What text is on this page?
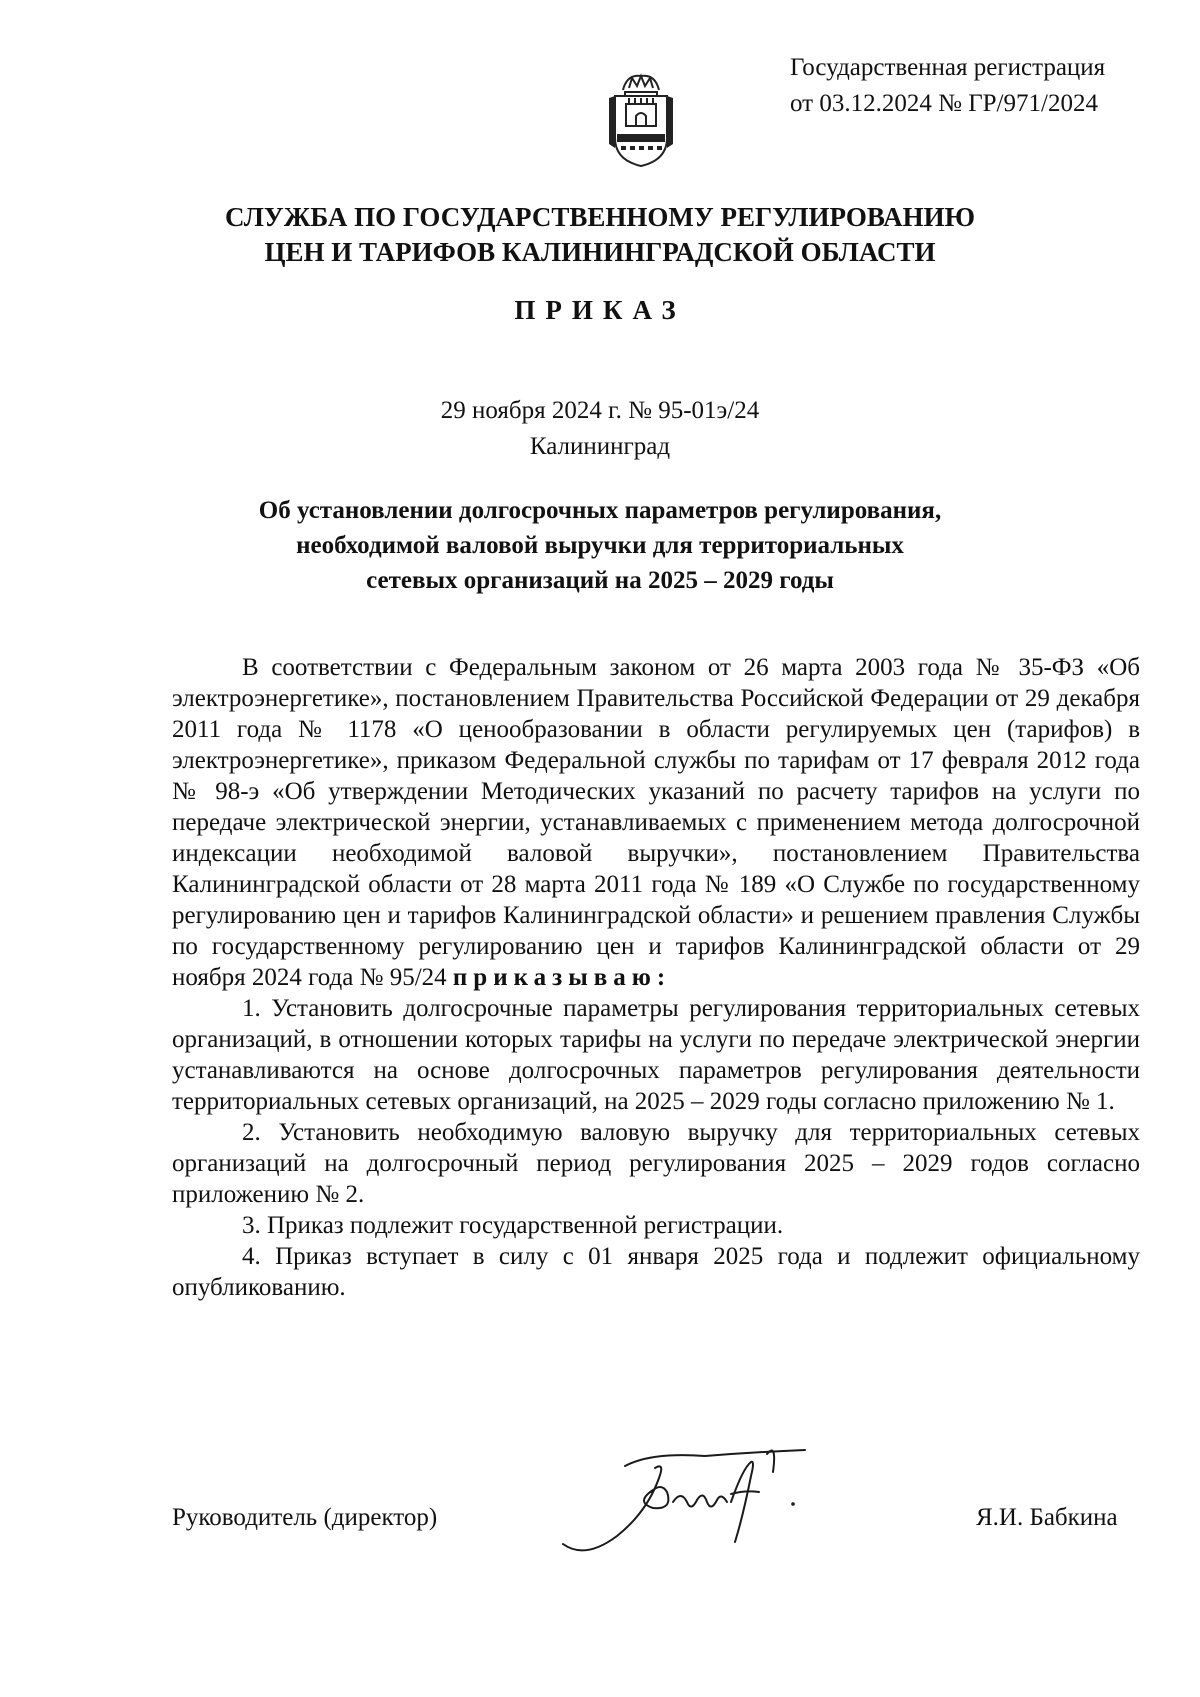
Государственная регистрация
от 03.12.2024 № ГР/971/2024
СЛУЖБА ПО ГОСУДАРСТВЕННОМУ РЕГУЛИРОВАНИЮ
ЦЕН И ТАРИФОВ КАЛИНИНГРАДСКОЙ ОБЛАСТИ
ПРИКАЗ
29 ноября 2024 г. № 95-01э/24
Калининград
Об установлении долгосрочных параметров регулирования,
необходимой валовой выручки для территориальных
сетевых организаций на 2025 – 2029 годы

В соответствии с Федеральным законом от 26 марта 2003 года № 35-ФЗ «Об электроэнергетике», постановлением Правительства Российской Федерации от 29 декабря 2011 года № 1178 «О ценообразовании в области регулируемых цен (тарифов) в электроэнергетике», приказом Федеральной службы по тарифам от 17 февраля 2012 года № 98-э «Об утверждении Методических указаний по расчету тарифов на услуги по передаче электрической энергии, устанавливаемых с применением метода долгосрочной индексации необходимой валовой выручки», постановлением Правительства Калининградской области от 28 марта 2011 года № 189 «О Службе по государственному регулированию цен и тарифов Калининградской области» и решением правления Службы по государственному регулированию цен и тарифов Калининградской области от 29 ноября 2024 года № 95/24 приказываю:

1. Установить долгосрочные параметры регулирования территориальных сетевых организаций, в отношении которых тарифы на услуги по передаче электрической энергии устанавливаются на основе долгосрочных параметров регулирования деятельности территориальных сетевых организаций, на 2025 – 2029 годы согласно приложению № 1.

2. Установить необходимую валовую выручку для территориальных сетевых организаций на долгосрочный период регулирования 2025 – 2029 годов согласно приложению № 2.

3. Приказ подлежит государственной регистрации.

4. Приказ вступает в силу с 01 января 2025 года и подлежит официальному опубликованию.

Руководитель (директор)	Я.И. Бабкина
